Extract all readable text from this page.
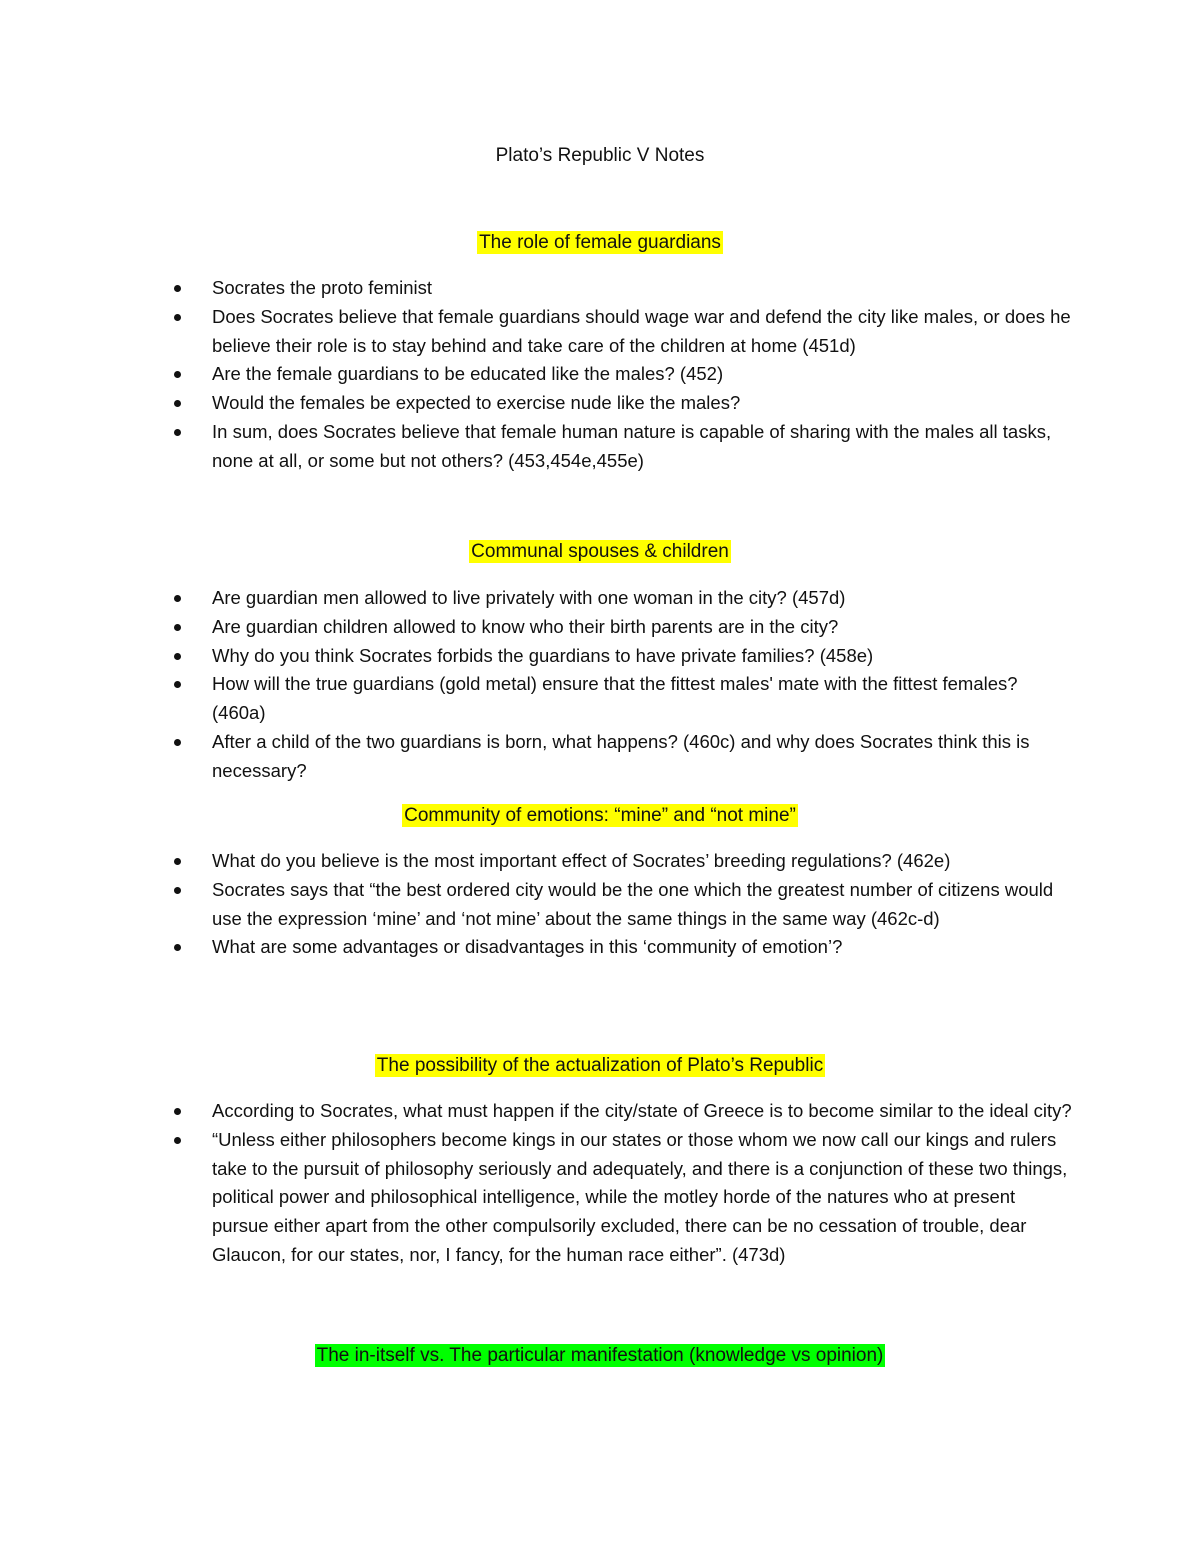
Plato’s Republic V Notes
The role of female guardians
Socrates the proto feminist
Does Socrates believe that female guardians should wage war and defend the city like males, or does he believe their role is to stay behind and take care of the children at home (451d)
Are the female guardians to be educated like the males? (452)
Would the females be expected to exercise nude like the males?
In sum, does Socrates believe that female human nature is capable of sharing with the males all tasks, none at all, or some but not others? (453,454e,455e)
Communal spouses & children
Are guardian men allowed to live privately with one woman in the city? (457d)
Are guardian children allowed to know who their birth parents are in the city?
Why do you think Socrates forbids the guardians to have private families? (458e)
How will the true guardians (gold metal) ensure that the fittest males' mate with the fittest females? (460a)
After a child of the two guardians is born, what happens? (460c) and why does Socrates think this is necessary?
Community of emotions: “mine” and “not mine”
What do you believe is the most important effect of Socrates’ breeding regulations? (462e)
Socrates says that “the best ordered city would be the one which the greatest number of citizens would use the expression ‘mine’ and ‘not mine’ about the same things in the same way (462c-d)
What are some advantages or disadvantages in this ‘community of emotion’?
The possibility of the actualization of Plato’s Republic
According to Socrates, what must happen if the city/state of Greece is to become similar to the ideal city?
“Unless either philosophers become kings in our states or those whom we now call our kings and rulers take to the pursuit of philosophy seriously and adequately, and there is a conjunction of these two things, political power and philosophical intelligence, while the motley horde of the natures who at present pursue either apart from the other compulsorily excluded, there can be no cessation of trouble, dear Glaucon, for our states, nor, I fancy, for the human race either”. (473d)
The in-itself vs. The particular manifestation (knowledge vs opinion)
